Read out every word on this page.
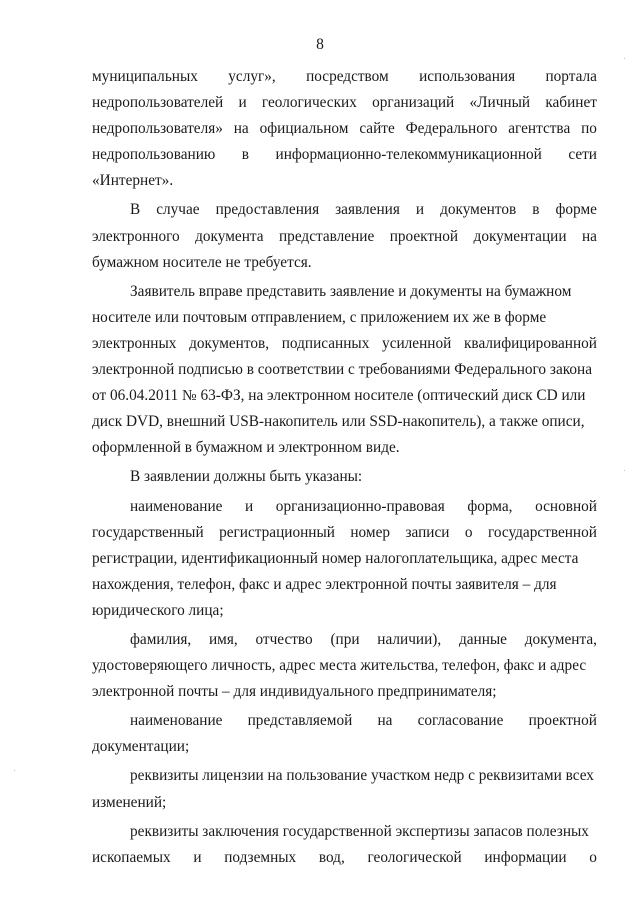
8
муниципальных услуг», посредством использования портала
недропользователей и геологических организаций «Личный кабинет
недропользователя» на официальном сайте Федерального агентства по
недропользованию в информационно-телекоммуникационной сети
«Интернет».
В случае предоставления заявления и документов в форме
электронного документа представление проектной документации на
бумажном носителе не требуется.
Заявитель вправе представить заявление и документы на бумажном
носителе или почтовым отправлением, с приложением их же в форме
электронных документов, подписанных усиленной квалифицированной
электронной подписью в соответствии с требованиями Федерального закона
от 06.04.2011 № 63-ФЗ, на электронном носителе (оптический диск CD или
диск DVD, внешний USB-накопитель или SSD-накопитель), а также описи,
оформленной в бумажном и электронном виде.
В заявлении должны быть указаны:
наименование и организационно-правовая форма, основной
государственный регистрационный номер записи о государственной
регистрации, идентификационный номер налогоплательщика, адрес места
нахождения, телефон, факс и адрес электронной почты заявителя – для
юридического лица;
фамилия, имя, отчество (при наличии), данные документа,
удостоверяющего личность, адрес места жительства, телефон, факс и адрес
электронной почты – для индивидуального предпринимателя;
наименование представляемой на согласование проектной
документации;
реквизиты лицензии на пользование участком недр с реквизитами всех
изменений;
реквизиты заключения государственной экспертизы запасов полезных
ископаемых и подземных вод, геологической информации о
